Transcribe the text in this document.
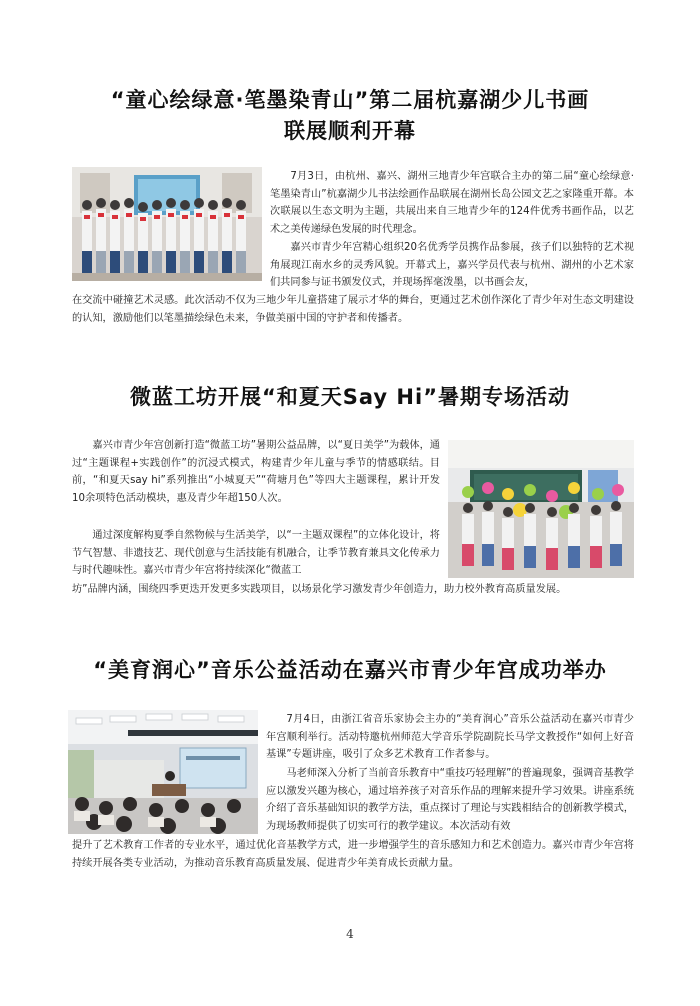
“童心绘绿意·笔墨染青山”第二届杭嘉湖少儿书画
联展顺利开幕

7月3日，由杭州、嘉兴、湖州三地青少年宫联合主办的第二届“童心绘绿意·笔墨染青山”杭嘉湖少儿书法绘画作品联展在湖州长岛公园文艺之家隆重开幕。本次联展以生态文明为主题，共展出来自三地青少年的124件优秀书画作品，以艺术之美传递绿色发展的时代理念。

嘉兴市青少年宫精心组织20名优秀学员携作品参展，孩子们以独特的艺术视角展现江南水乡的灵秀风貌。开幕式上，嘉兴学员代表与杭州、湖州的小艺术家们共同参与证书颁发仪式，并现场挥毫泼墨，以书画会友，

在交流中碰撞艺术灵感。此次活动不仅为三地少年儿童搭建了展示才华的舞台，更通过艺术创作深化了青少年对生态文明建设的认知，激励他们以笔墨描绘绿色未来，争做美丽中国的守护者和传播者。

微蓝工坊开展“和夏天Say Hi”暑期专场活动

嘉兴市青少年宫创新打造“微蓝工坊”暑期公益品牌，以“夏日美学”为载体，通过“主题课程+实践创作”的沉浸式模式，构建青少年儿童与季节的情感联结。目前，“和夏天say hi”系列推出“小城夏天”“荷塘月色”等四大主题课程，累计开发10余项特色活动模块，惠及青少年超150人次。

通过深度解构夏季自然物候与生活美学，以“一主题双课程”的立体化设计，将节气智慧、非遗技艺、现代创意与生活技能有机融合，让季节教育兼具文化传承力与时代趣味性。嘉兴市青少年宫将持续深化“微蓝工

坊”品牌内涵，围绕四季更迭开发更多实践项目，以场景化学习激发青少年创造力，助力校外教育高质量发展。

“美育润心”音乐公益活动在嘉兴市青少年宫成功举办

7月4日，由浙江省音乐家协会主办的“美育润心”音乐公益活动在嘉兴市青少年宫顺利举行。活动特邀杭州师范大学音乐学院副院长马学文教授作“如何上好音基课”专题讲座，吸引了众多艺术教育工作者参与。

马老师深入分析了当前音乐教育中“重技巧轻理解”的普遍现象，强调音基教学应以激发兴趣为核心，通过培养孩子对音乐作品的理解来提升学习效果。讲座系统介绍了音乐基础知识的教学方法，重点探讨了理论与实践相结合的创新教学模式，为现场教师提供了切实可行的教学建议。本次活动有效

提升了艺术教育工作者的专业水平，通过优化音基教学方式，进一步增强学生的音乐感知力和艺术创造力。嘉兴市青少年宫将持续开展各类专业活动，为推动音乐教育高质量发展、促进青少年美育成长贡献力量。

4
